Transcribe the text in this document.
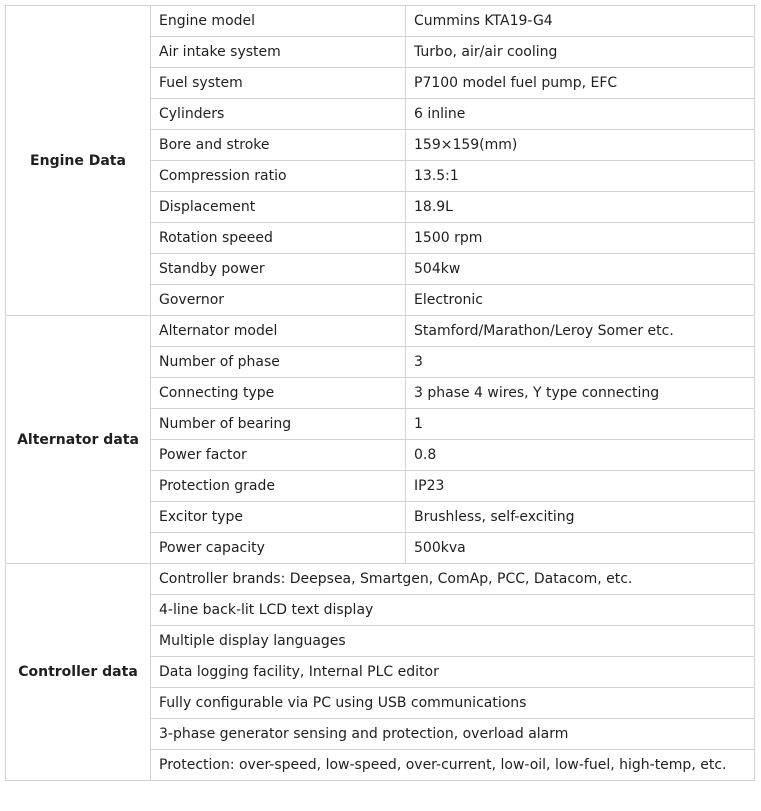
Engine Data	Engine model	Cummins KTA19-G4
	Air intake system	Turbo, air/air cooling
	Fuel system	P7100 model fuel pump, EFC
	Cylinders	6 inline
	Bore and stroke	159×159(mm)
	Compression ratio	13.5:1
	Displacement	18.9L
	Rotation speeed	1500 rpm
	Standby power	504kw
	Governor	Electronic
Alternator data	Alternator model	Stamford/Marathon/Leroy Somer etc.
	Number of phase	3
	Connecting type	3 phase 4 wires, Y type connecting
	Number of bearing	1
	Power factor	0.8
	Protection grade	IP23
	Excitor type	Brushless, self-exciting
	Power capacity	500kva
Controller data	Controller brands: Deepsea, Smartgen, ComAp, PCC, Datacom, etc.	
	4-line back-lit LCD text display	
	Multiple display languages	
	Data logging facility, Internal PLC editor	
	Fully configurable via PC using USB communications	
	3-phase generator sensing and protection, overload alarm	
	Protection: over-speed, low-speed, over-current, low-oil, low-fuel, high-temp, etc.	
